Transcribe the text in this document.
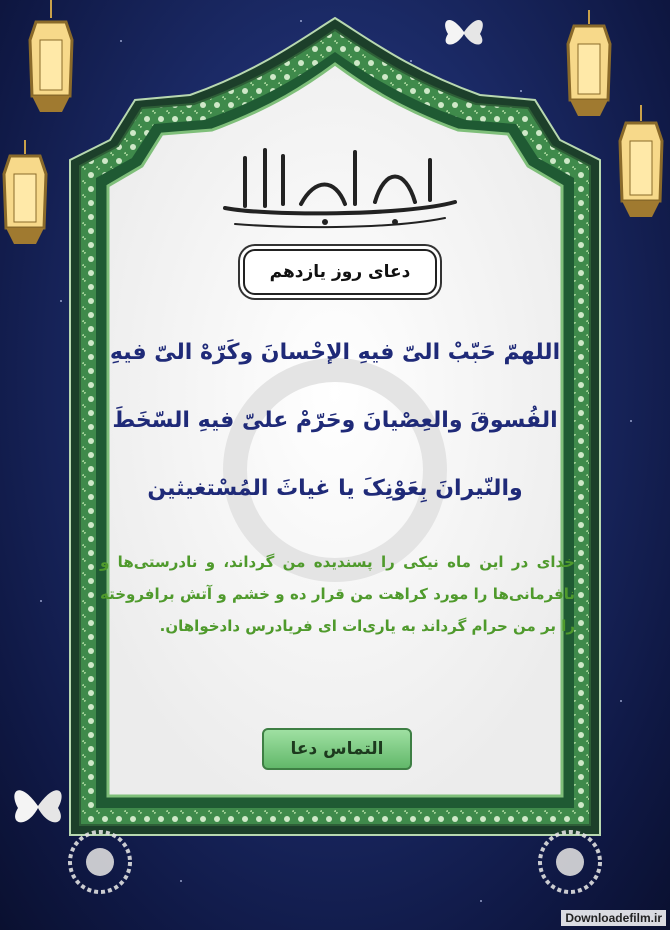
دعای روز یازدهم
اللهمّ حَبّبْ الىّ فیهِ الإحْسانَ وکَرّهْ الىّ فیهِ
الفُسوقَ والعِصْیانَ وحَرّمْ علىّ فیهِ السّخَطَ
والنّیرانَ بِعَوْنِکَ یا غیاثَ المُسْتغیثین
خدای در این ماه نیکی را پسندیده من گرداند، و نادرستی‌ها و نافرمانی‌ها را مورد کراهت من قرار ده و خشم و آتش برافروخته را بر من حرام گرداند به یاری‌ات ای فریادرس دادخواهان.
التماس دعا
Downloadefilm.ir
